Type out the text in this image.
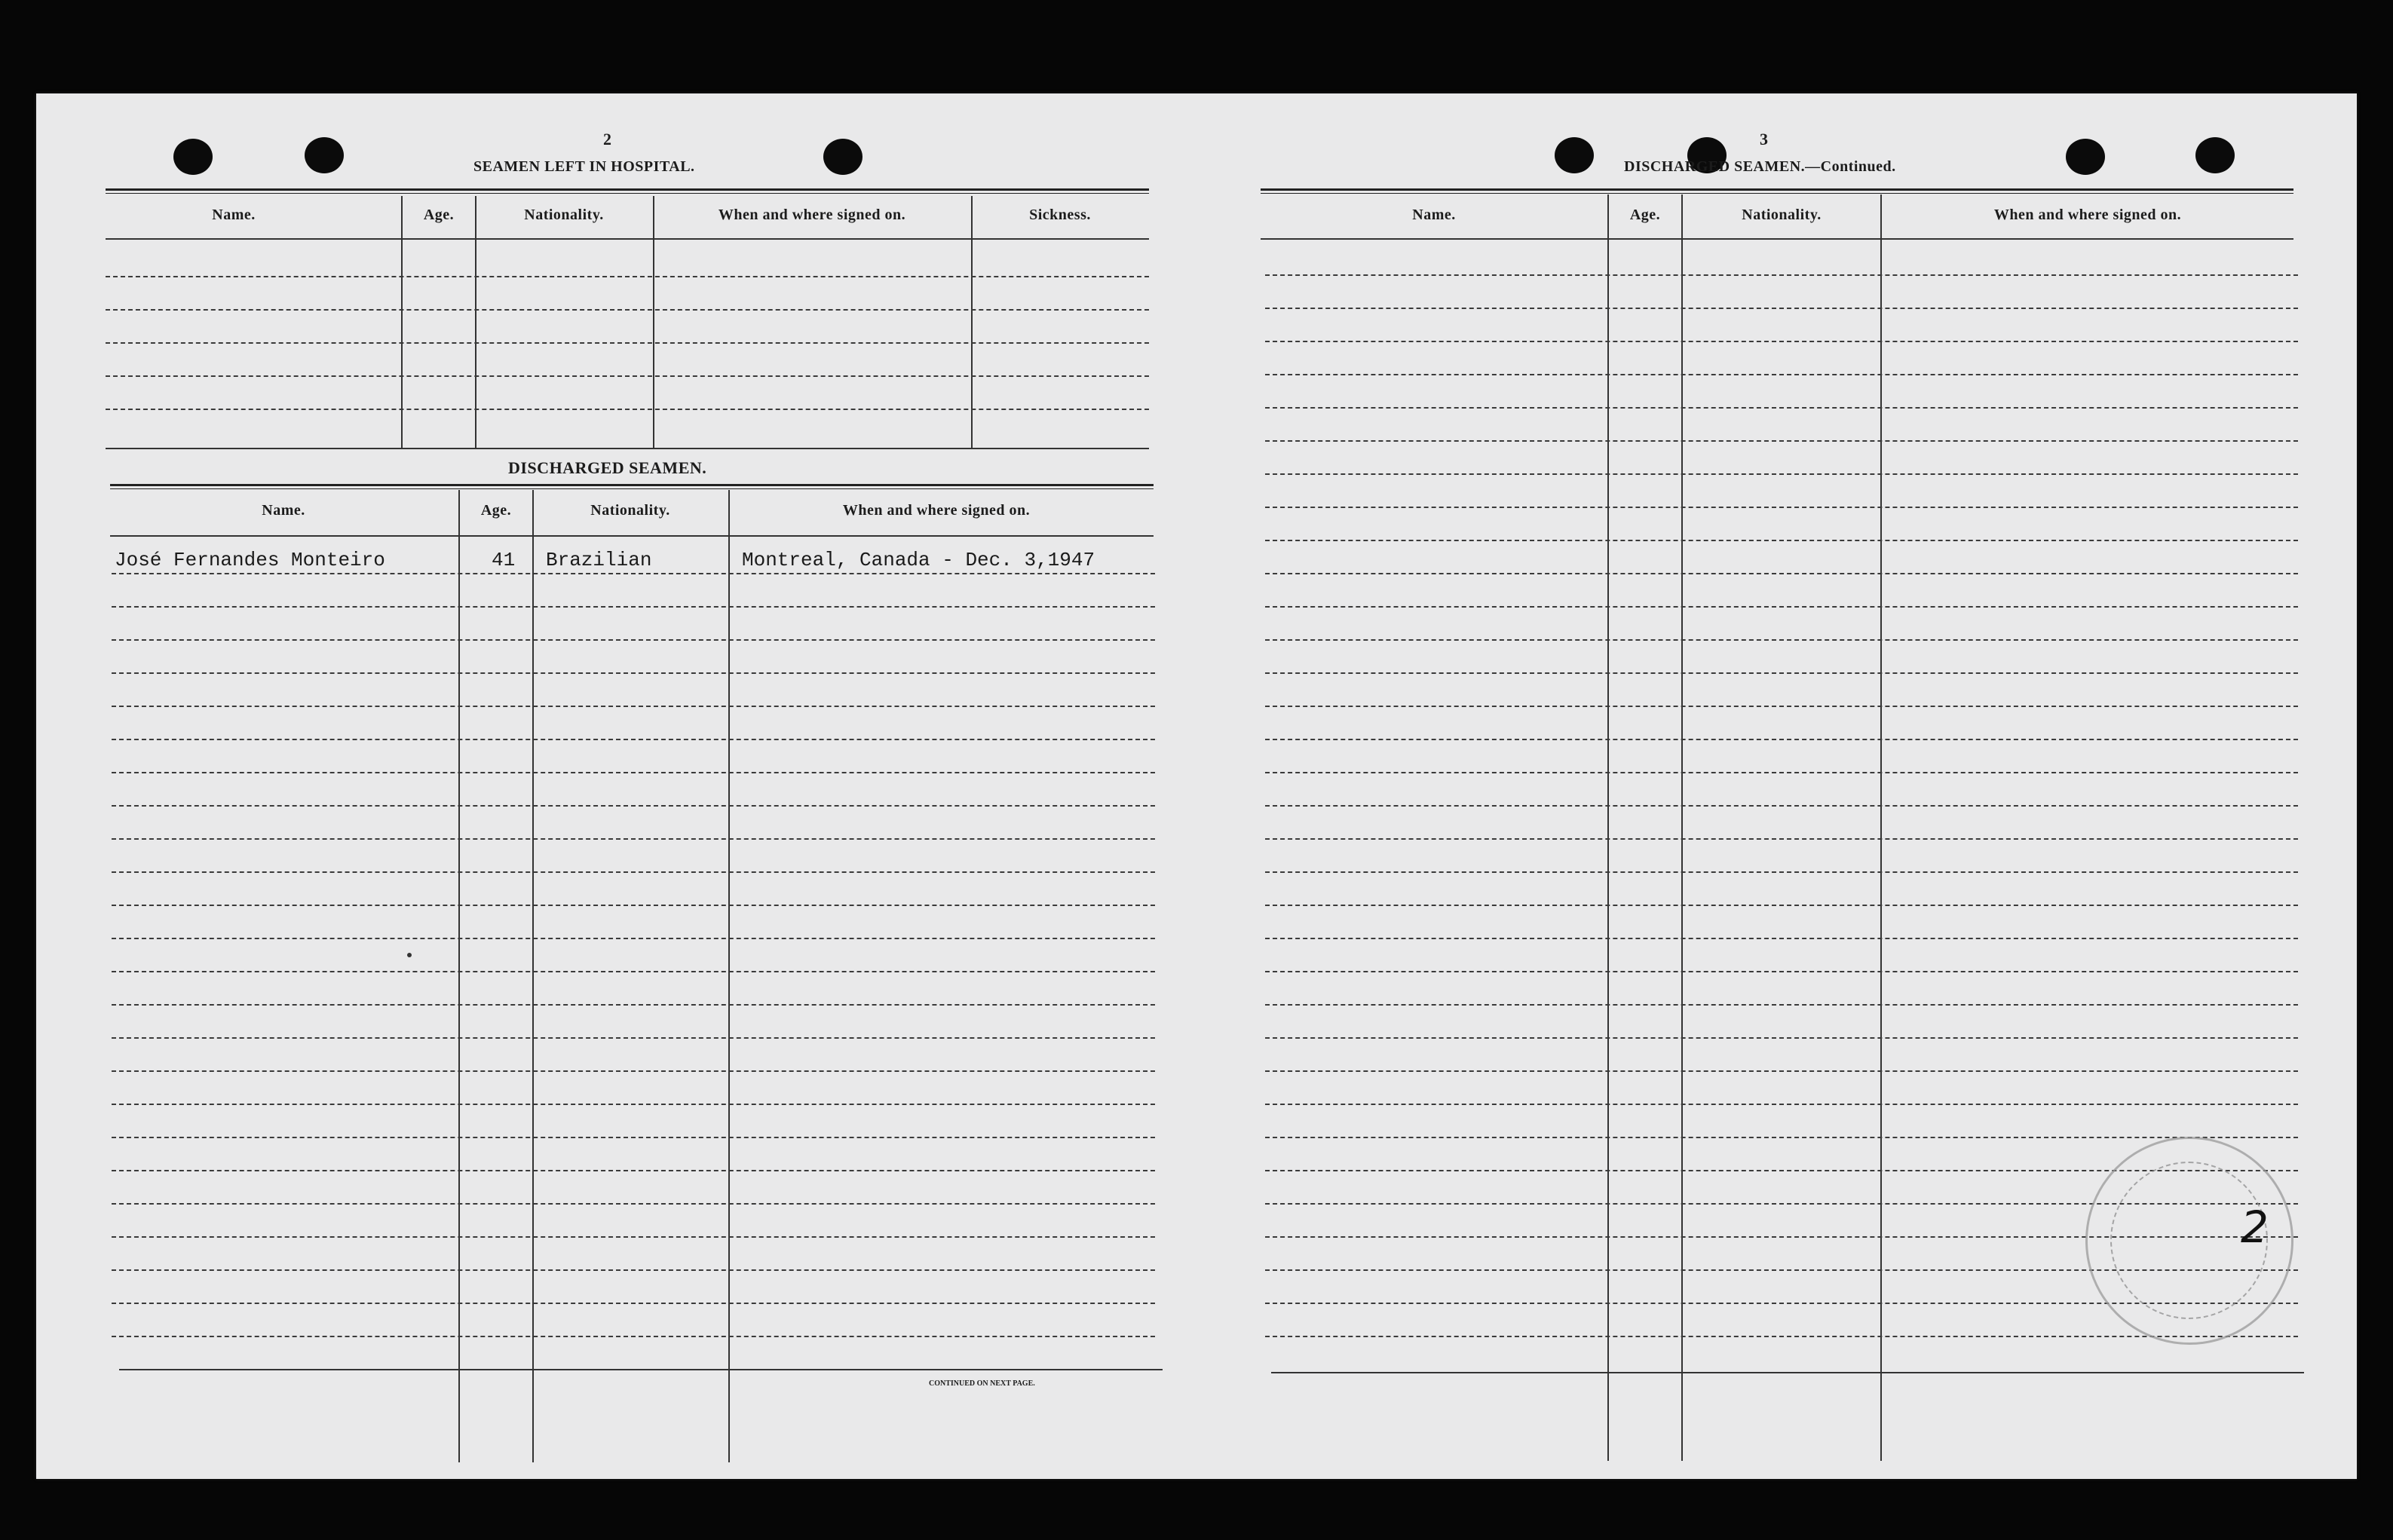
2
SEAMEN LEFT IN HOSPITAL.
Name.	Age.	Nationality.	When and where signed on.	Sickness.
DISCHARGED SEAMEN.
Name.	Age.	Nationality.	When and where signed on.
José Fernandes Monteiro	41 Brazilian	Montreal, Canada - Dec. 3,1947
CONTINUED ON NEXT PAGE.
3
DISCHARGED SEAMEN.—Continued.
Name.	Age.	Nationality.	When and where signed on.
2
